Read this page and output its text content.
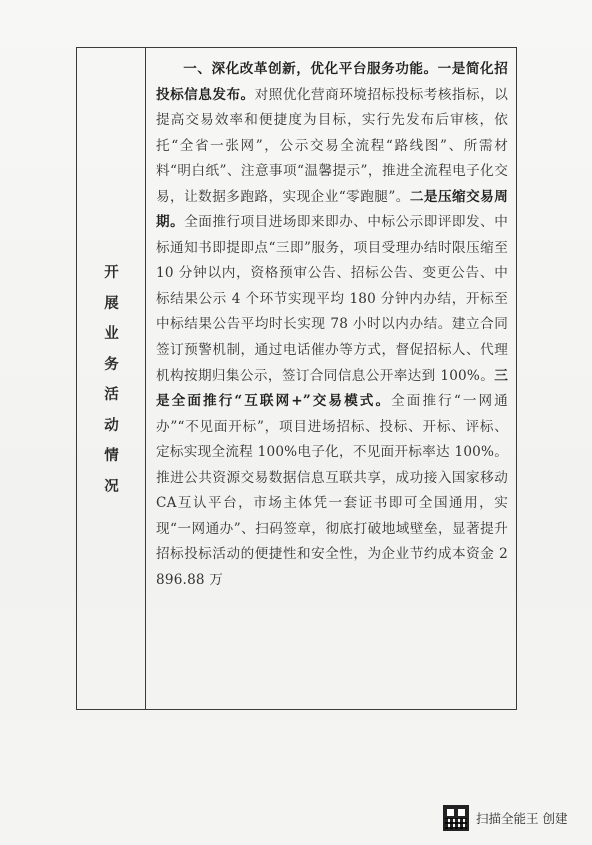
开
展
业
务
活
动
情
况

一、深化改革创新，优化平台服务功能。一是简化招投标信息发布。对照优化营商环境招标投标考核指标，以提高交易效率和便捷度为目标，实行先发布后审核，依托“全省一张网”，公示交易全流程“路线图”、所需材料“明白纸”、注意事项“温馨提示”，推进全流程电子化交易，让数据多跑路，实现企业“零跑腿”。二是压缩交易周期。全面推行项目进场即来即办、中标公示即评即发、中标通知书即提即点“三即”服务，项目受理办结时限压缩至 10 分钟以内，资格预审公告、招标公告、变更公告、中标结果公示 4 个环节实现平均 180 分钟内办结，开标至中标结果公告平均时长实现 78 小时以内办结。建立合同签订预警机制，通过电话催办等方式，督促招标人、代理机构按期归集公示，签订合同信息公开率达到 100%。三是全面推行“互联网+”交易模式。全面推行“一网通办”“不见面开标”，项目进场招标、投标、开标、评标、定标实现全流程 100%电子化，不见面开标率达 100%。推进公共资源交易数据信息互联共享，成功接入国家移动CA互认平台，市场主体凭一套证书即可全国通用，实现“一网通办”、扫码签章，彻底打破地域壁垒，显著提升招标投标活动的便捷性和安全性，为企业节约成本资金 2896.88 万

扫描全能王 创建
